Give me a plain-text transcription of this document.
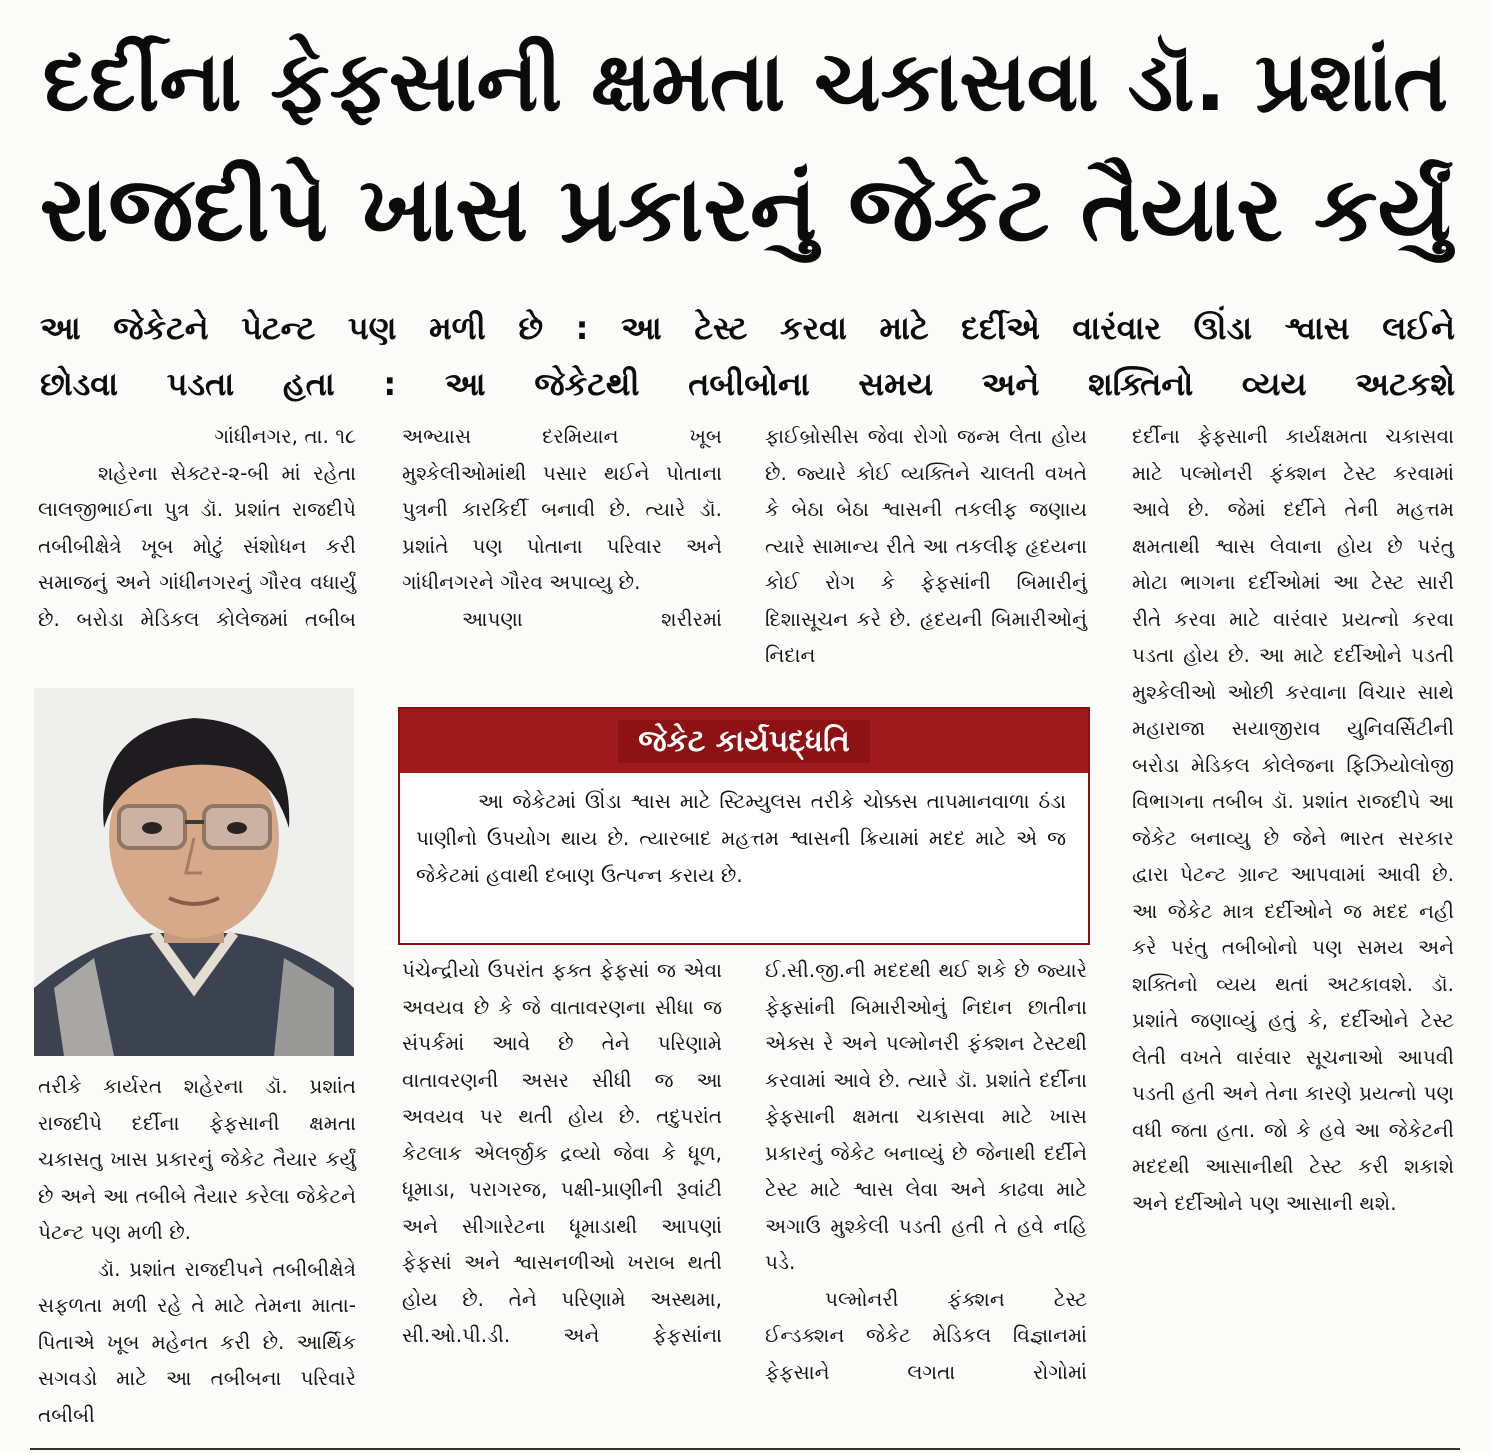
દર્દીના ફેફસાની ક્ષમતા ચકાસવા ડૉ. પ્રશાંત
રાજદીપે ખાસ પ્રકારનું જેકેટ તૈયાર કર્યું
આ જેકેટને પેટન્ટ પણ મળી છે : આ ટેસ્ટ કરવા માટે દર્દીએ વારંવાર ઊંડા શ્વાસ લઈને
છોડવા પડતા હતા : આ જેકેટથી તબીબોના સમય અને શક્તિનો વ્યય અટકશે
ગાંધીનગર, તા. ૧૮
શહેરના સેક્ટર-૨-બી માં રહેતા લાલજીભાઈના પુત્ર ડૉ. પ્રશાંત રાજદીપે તબીબીક્ષેત્રે ખૂબ મોટું સંશોધન કરી સમાજનું અને ગાંધીનગરનું ગૌરવ વધાર્યું છે. બરોડા મેડિકલ કોલેજમાં તબીબ
તરીકે કાર્યરત શહેરના ડૉ. પ્રશાંત રાજદીપે દર્દીના ફેફસાની ક્ષમતા ચકાસતુ ખાસ પ્રકારનું જેકેટ તૈયાર કર્યું છે અને આ તબીબે તૈયાર કરેલા જેકેટને પેટન્ટ પણ મળી છે.
ડૉ. પ્રશાંત રાજદીપને તબીબીક્ષેત્રે સફળતા મળી રહે તે માટે તેમના માતા-પિતાએ ખૂબ મહેનત કરી છે. આર્થિક સગવડો માટે આ તબીબના પરિવારે તબીબી
અભ્યાસ દરમિયાન ખૂબ મુશ્કેલીઓમાંથી પસાર થઈને પોતાના પુત્રની કારકિર્દી બનાવી છે. ત્યારે ડૉ. પ્રશાંતે પણ પોતાના પરિવાર અને ગાંધીનગરને ગૌરવ અપાવ્યુ છે.
આપણા શરીરમાં
જેકેટ કાર્યપદ્ધતિ
આ જેકેટમાં ઊંડા શ્વાસ માટે સ્ટિમ્યુલસ તરીકે ચોક્કસ તાપમાનવાળા ઠંડા પાણીનો ઉપયોગ થાય છે. ત્યારબાદ મહત્તમ શ્વાસની ક્રિયામાં મદદ માટે એ જ જેકેટમાં હવાથી દબાણ ઉત્પન્ન કરાય છે.
પંચેન્દ્રીયો ઉપરાંત ફક્ત ફેફસાં જ એવા અવયવ છે કે જે વાતાવરણના સીધા જ સંપર્કમાં આવે છે તેને પરિણામે વાતાવરણની અસર સીધી જ આ અવયવ પર થતી હોય છે. તદુપરાંત કેટલાક એલર્જીક દ્રવ્યો જેવા કે ધૂળ, ધૂમાડા, પરાગરજ, પક્ષી-પ્રાણીની રૂવાંટી અને સીગારેટના ધૂમાડાથી આપણાં ફેફસાં અને શ્વાસનળીઓ ખરાબ થતી હોય છે. તેને પરિણામે અસ્થમા, સી.ઓ.પી.ડી. અને ફેફસાંના
ફાઈબ્રોસીસ જેવા રોગો જન્મ લેતા હોય છે. જ્યારે કોઈ વ્યક્તિને ચાલતી વખતે કે બેઠા બેઠા શ્વાસની તકલીફ જણાય ત્યારે સામાન્ય રીતે આ તકલીફ હૃદયના કોઈ રોગ કે ફેફસાંની બિમારીનું દિશાસૂચન કરે છે. હૃદયની બિમારીઓનું નિદાન
ઈ.સી.જી.ની મદદથી થઈ શકે છે જ્યારે ફેફસાંની બિમારીઓનું નિદાન છાતીના એક્સ રે અને પલ્મોનરી ફંક્શન ટેસ્ટથી કરવામાં આવે છે. ત્યારે ડૉ. પ્રશાંતે દર્દીના ફેફસાની ક્ષમતા ચકાસવા માટે ખાસ પ્રકારનું જેકેટ બનાવ્યું છે જેનાથી દર્દીને ટેસ્ટ માટે શ્વાસ લેવા અને કાઢવા માટે અગાઉ મુશ્કેલી પડતી હતી તે હવે નહિ પડે.
પલ્મોનરી ફંક્શન ટેસ્ટ ઈન્ડક્શન જેકેટ મેડિકલ વિજ્ઞાનમાં ફેફસાને લગતા રોગોમાં
દર્દીના ફેફસાની કાર્યક્ષમતા ચકાસવા માટે પલ્મોનરી ફંક્શન ટેસ્ટ કરવામાં આવે છે. જેમાં દર્દીને તેની મહત્તમ ક્ષમતાથી શ્વાસ લેવાના હોય છે પરંતુ મોટા ભાગના દર્દીઓમાં આ ટેસ્ટ સારી રીતે કરવા માટે વારંવાર પ્રયત્નો કરવા પડતા હોય છે. આ માટે દર્દીઓને પડતી મુશ્કેલીઓ ઓછી કરવાના વિચાર સાથે મહારાજા સયાજીરાવ યુનિવર્સિટીની બરોડા મેડિકલ કોલેજના ફિઝિયોલોજી વિભાગના તબીબ ડૉ. પ્રશાંત રાજદીપે આ જેકેટ બનાવ્યુ છે જેને ભારત સરકાર દ્વારા પેટન્ટ ગ્રાન્ટ આપવામાં આવી છે. આ જેકેટ માત્ર દર્દીઓને જ મદદ નહી કરે પરંતુ તબીબોનો પણ સમય અને શક્તિનો વ્યય થતાં અટકાવશે. ડૉ. પ્રશાંતે જણાવ્યું હતું કે, દર્દીઓને ટેસ્ટ લેતી વખતે વારંવાર સૂચનાઓ આપવી પડતી હતી અને તેના કારણે પ્રયત્નો પણ વધી જતા હતા. જો કે હવે આ જેકેટની મદદથી આસાનીથી ટેસ્ટ કરી શકાશે અને દર્દીઓને પણ આસાની થશે.
